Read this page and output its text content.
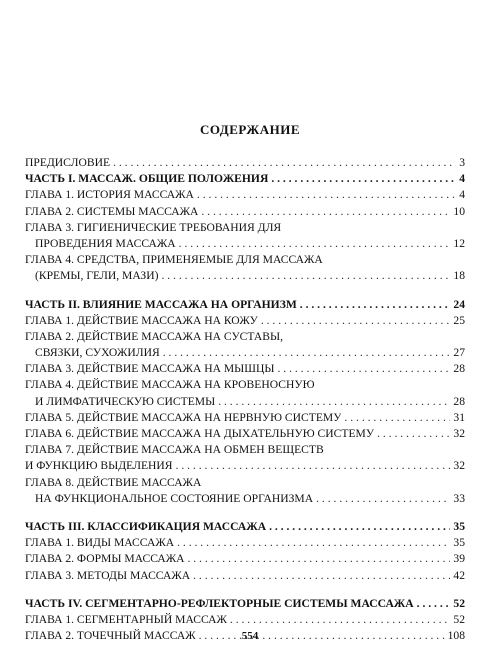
СОДЕРЖАНИЕ
ПРЕДИСЛОВИЕ . . .	3
ЧАСТЬ I. МАССАЖ. ОБЩИЕ ПОЛОЖЕНИЯ . . .	4
ГЛАВА 1. ИСТОРИЯ МАССАЖА . . .	4
ГЛАВА 2. СИСТЕМЫ МАССАЖА . . .	10
ГЛАВА 3. ГИГИЕНИЧЕСКИЕ ТРЕБОВАНИЯ ДЛЯ
ПРОВЕДЕНИЯ МАССАЖА . . .	12
ГЛАВА 4. СРЕДСТВА, ПРИМЕНЯЕМЫЕ ДЛЯ МАССАЖА
(КРЕМЫ, ГЕЛИ, МАЗИ) . . .	18
ЧАСТЬ II. ВЛИЯНИЕ МАССАЖА НА ОРГАНИЗМ . . .	24
ГЛАВА 1. ДЕЙСТВИЕ МАССАЖА НА КОЖУ . . .	25
ГЛАВА 2. ДЕЙСТВИЕ МАССАЖА НА СУСТАВЫ,
СВЯЗКИ, СУХОЖИЛИЯ . . .	27
ГЛАВА 3. ДЕЙСТВИЕ МАССАЖА НА МЫШЦЫ . . .	28
ГЛАВА 4. ДЕЙСТВИЕ МАССАЖА НА КРОВЕНОСНУЮ
И ЛИМФАТИЧЕСКУЮ СИСТЕМЫ . . .	28
ГЛАВА 5. ДЕЙСТВИЕ МАССАЖА НА НЕРВНУЮ СИСТЕМУ . . .	31
ГЛАВА 6. ДЕЙСТВИЕ МАССАЖА НА ДЫХАТЕЛЬНУЮ СИСТЕМУ . . .	32
ГЛАВА 7. ДЕЙСТВИЕ МАССАЖА НА ОБМЕН ВЕЩЕСТВ
И ФУНКЦИЮ ВЫДЕЛЕНИЯ . . .	32
ГЛАВА 8. ДЕЙСТВИЕ МАССАЖА
НА ФУНКЦИОНАЛЬНОЕ СОСТОЯНИЕ ОРГАНИЗМА . . .	33
ЧАСТЬ III. КЛАССИФИКАЦИЯ МАССАЖА . . .	35
ГЛАВА 1. ВИДЫ МАССАЖА . . .	35
ГЛАВА 2. ФОРМЫ МАССАЖА . . .	39
ГЛАВА 3. МЕТОДЫ МАССАЖА . . .	42
ЧАСТЬ IV. СЕГМЕНТАРНО-РЕФЛЕКТОРНЫЕ СИСТЕМЫ МАССАЖА . . .	52
ГЛАВА 1. СЕГМЕНТАРНЫЙ МАССАЖ . . .	52
ГЛАВА 2. ТОЧЕЧНЫЙ МАССАЖ . . .	108
554
